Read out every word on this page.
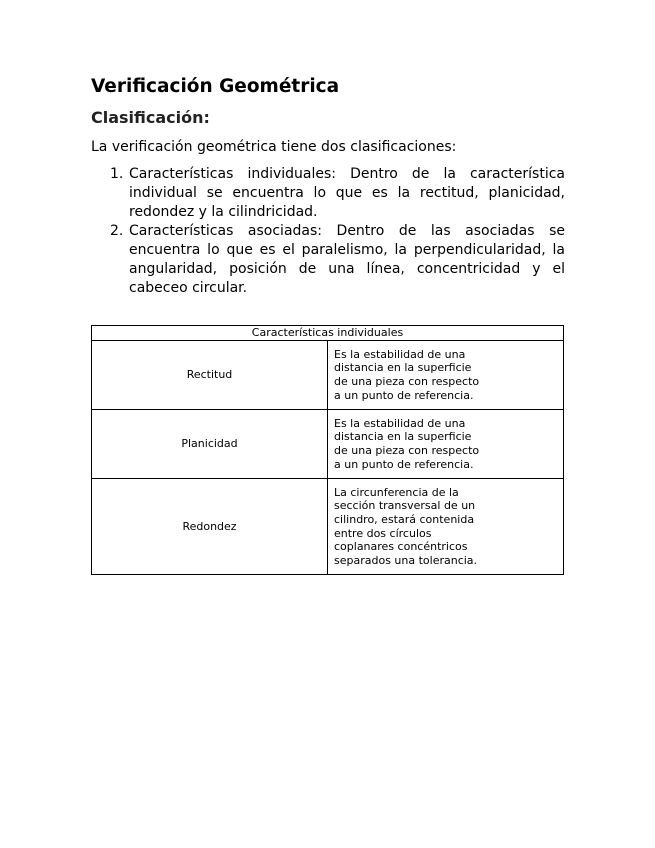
Verificación Geométrica
Clasificación:

La verificación geométrica tiene dos clasificaciones:

1. Características individuales: Dentro de la característica individual se encuentra lo que es la rectitud, planicidad, redondez y la cilindricidad.
2. Características asociadas: Dentro de las asociadas se encuentra lo que es el paralelismo, la perpendicularidad, la angularidad, posición de una línea, concentricidad y el cabeceo circular.
Características individuales	
Rectitud	Es la estabilidad de una distancia en la superficie de una pieza con respecto a un punto de referencia.
Planicidad	Es la estabilidad de una distancia en la superficie de una pieza con respecto a un punto de referencia.
Redondez	La circunferencia de la sección transversal de un cilindro, estará contenida entre dos círculos coplanares concéntricos separados una tolerancia.
